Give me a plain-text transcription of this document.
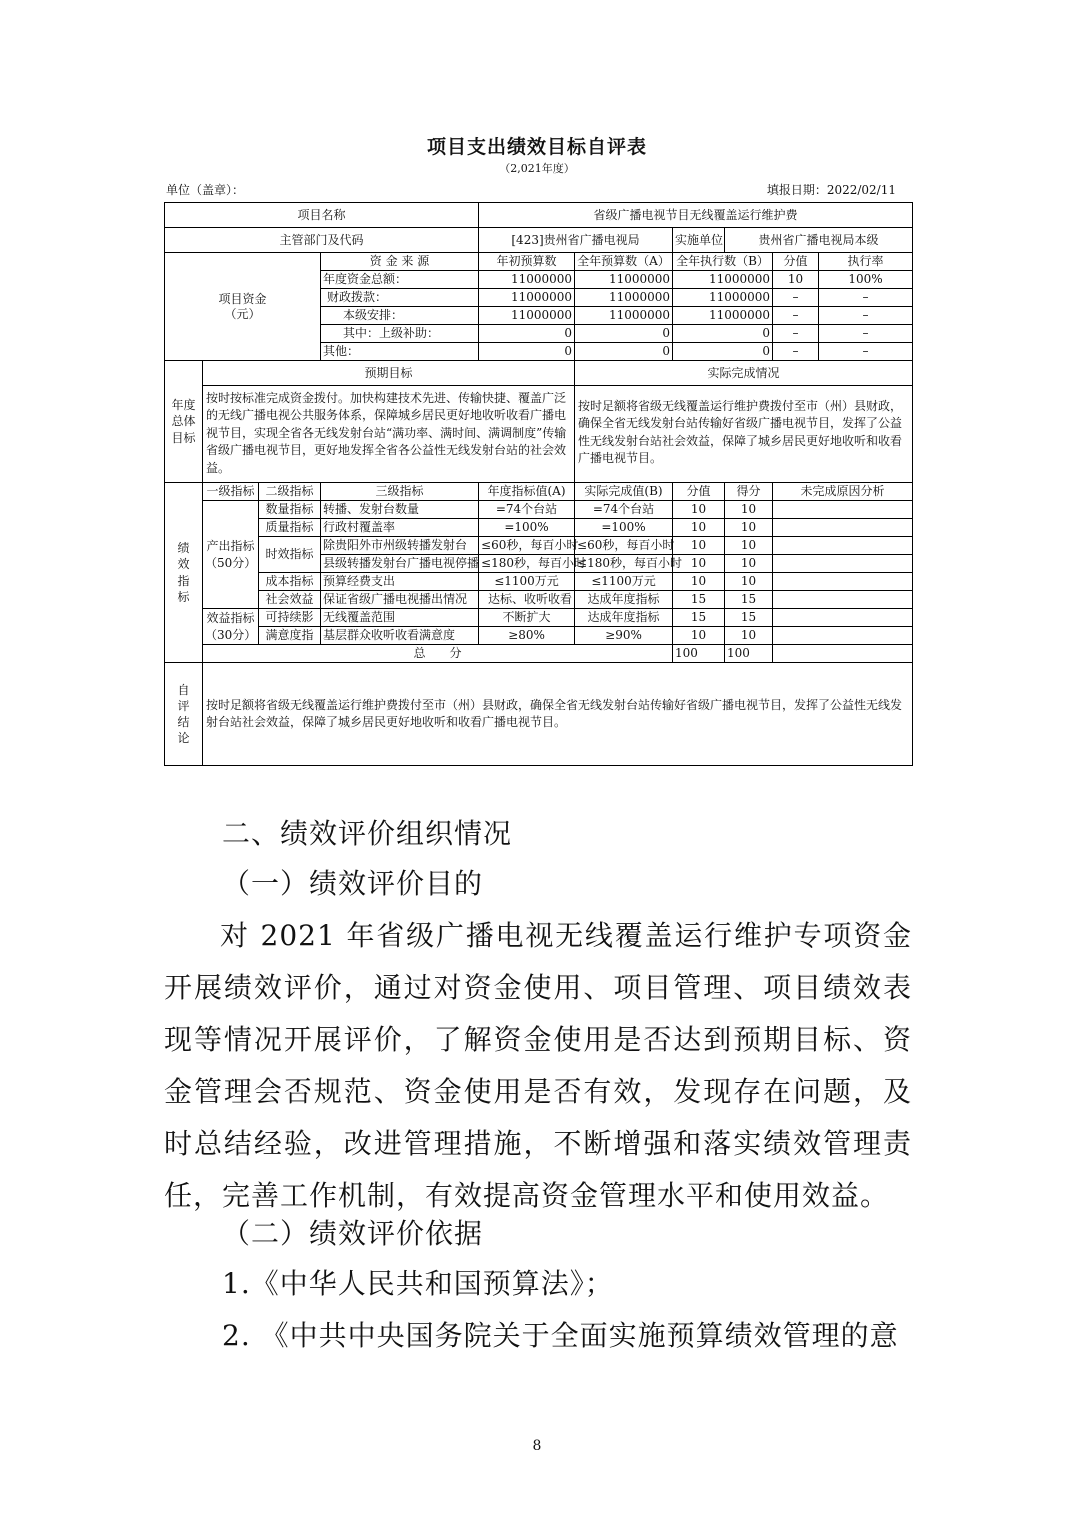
项目支出绩效目标自评表
（2,021年度）
单位（盖章）：	填报日期：2022/02/11
项目名称				省级广播电视节目无线覆盖运行维护费						
主管部门及代码				[423]贵州省广播电视局		实施单位	贵州省广播电视局本级			
项目资金
（元）			资 金 来 源	年初预算数	全年预算数（A）	全年执行数（B）		分值	执行率	
			年度资金总额：	11000000	11000000	11000000		10	100%	
			财政拨款：	11000000	11000000	11000000		–	–	
			本级安排：	11000000	11000000	11000000		–	–	
			其中：上级补助：	0	0	0		–	–	
			其他：	0	0	0		–	–	
年度总体目标	预期目标				实际完成情况					
	按时按标准完成资金拨付。加快构建技术先进、传输快捷、覆盖广泛的无线广播电视公共服务体系，保障城乡居民更好地收听收看广播电视节目，实现全省各无线发射台站“满功率、满时间、满调制度”传输省级广播电视节目，更好地发挥全省各公益性无线发射台站的社会效益。				按时足额将省级无线覆盖运行维护费拨付至市（州）县财政，确保全省无线发射台站传输好省级广播电视节目，发挥了公益性无线发射台站社会效益，保障了城乡居民更好地收听和收看广播电视节目。					
绩效指标	一级指标	二级指标	三级指标	年度指标值(A)	实际完成值(B)	分值	得分	未完成原因分析		
	产出指标（50分）	数量指标	转播、发射台数量	=74个台站	=74个台站	10	10			
		质量指标	行政村覆盖率	=100%	=100%	10	10			
		时效指标	除贵阳外市州级转播发射台	≤60秒，每百小时	≤60秒，每百小时	10	10			
			县级转播发射台广播电视停播	≤180秒，每百小时	≤180秒，每百小时	10	10			
		成本指标	预算经费支出	≤1100万元	≤1100万元	10	10			
		社会效益	保证省级广播电视播出情况	达标、收听收看	达成年度指标	15	15			
	效益指标（30分）	可持续影	无线覆盖范围	不断扩大	达成年度指标	15	15			
		满意度指	基层群众收听收看满意度	≥80%	≥90%	10	10			
	总　　分					100	100			
自评结论	按时足额将省级无线覆盖运行维护费拨付至市（州）县财政，确保全省无线发射台站传输好省级广播电视节目，发挥了公益性无线发射台站社会效益，保障了城乡居民更好地收听和收看广播电视节目。									
二、绩效评价组织情况
（一）绩效评价目的

对 2021 年省级广播电视无线覆盖运行维护专项资金开展绩效评价，通过对资金使用、项目管理、项目绩效表现等情况开展评价，了解资金使用是否达到预期目标、资金管理会否规范、资金使用是否有效，发现存在问题，及时总结经验，改进管理措施，不断增强和落实绩效管理责任，完善工作机制，有效提高资金管理水平和使用效益。

（二）绩效评价依据
1.《中华人民共和国预算法》；
2. 《中共中央国务院关于全面实施预算绩效管理的意
8
